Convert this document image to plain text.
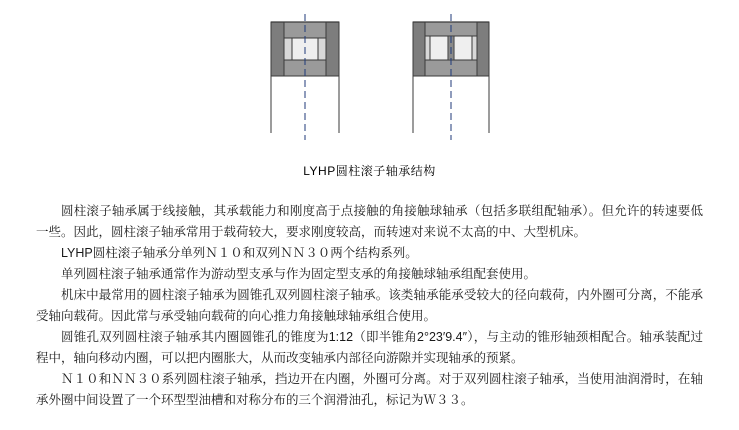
LYHP圆柱滚子轴承结构

圆柱滚子轴承属于线接触，其承载能力和刚度高于点接触的角接触球轴承（包括多联组配轴承）。但允许的转速要低一些。因此，圆柱滚子轴承常用于载荷较大，要求刚度较高，而转速对来说不太高的中、大型机床。

LYHP圆柱滚子轴承分单列Ｎ１０和双列ＮＮ３０两个结构系列。

单列圆柱滚子轴承通常作为游动型支承与作为固定型支承的角接触球轴承组配套使用。

机床中最常用的圆柱滚子轴承为圆锥孔双列圆柱滚子轴承。该类轴承能承受较大的径向载荷，内外圈可分离，不能承受轴向载荷。因此常与承受轴向载荷的向心推力角接触球轴承组合使用。

圆锥孔双列圆柱滚子轴承其内圈圆锥孔的锥度为1:12（即半锥角2°23′9.4″），与主动的锥形轴颈相配合。轴承装配过程中，轴向移动内圈，可以把内圈胀大，从而改变轴承内部径向游隙并实现轴承的预紧。

Ｎ１０和ＮＮ３０系列圆柱滚子轴承，挡边开在内圈，外圈可分离。对于双列圆柱滚子轴承，当使用油润滑时，在轴承外圈中间设置了一个环型型油槽和对称分布的三个润滑油孔，标记为Ｗ３３。
